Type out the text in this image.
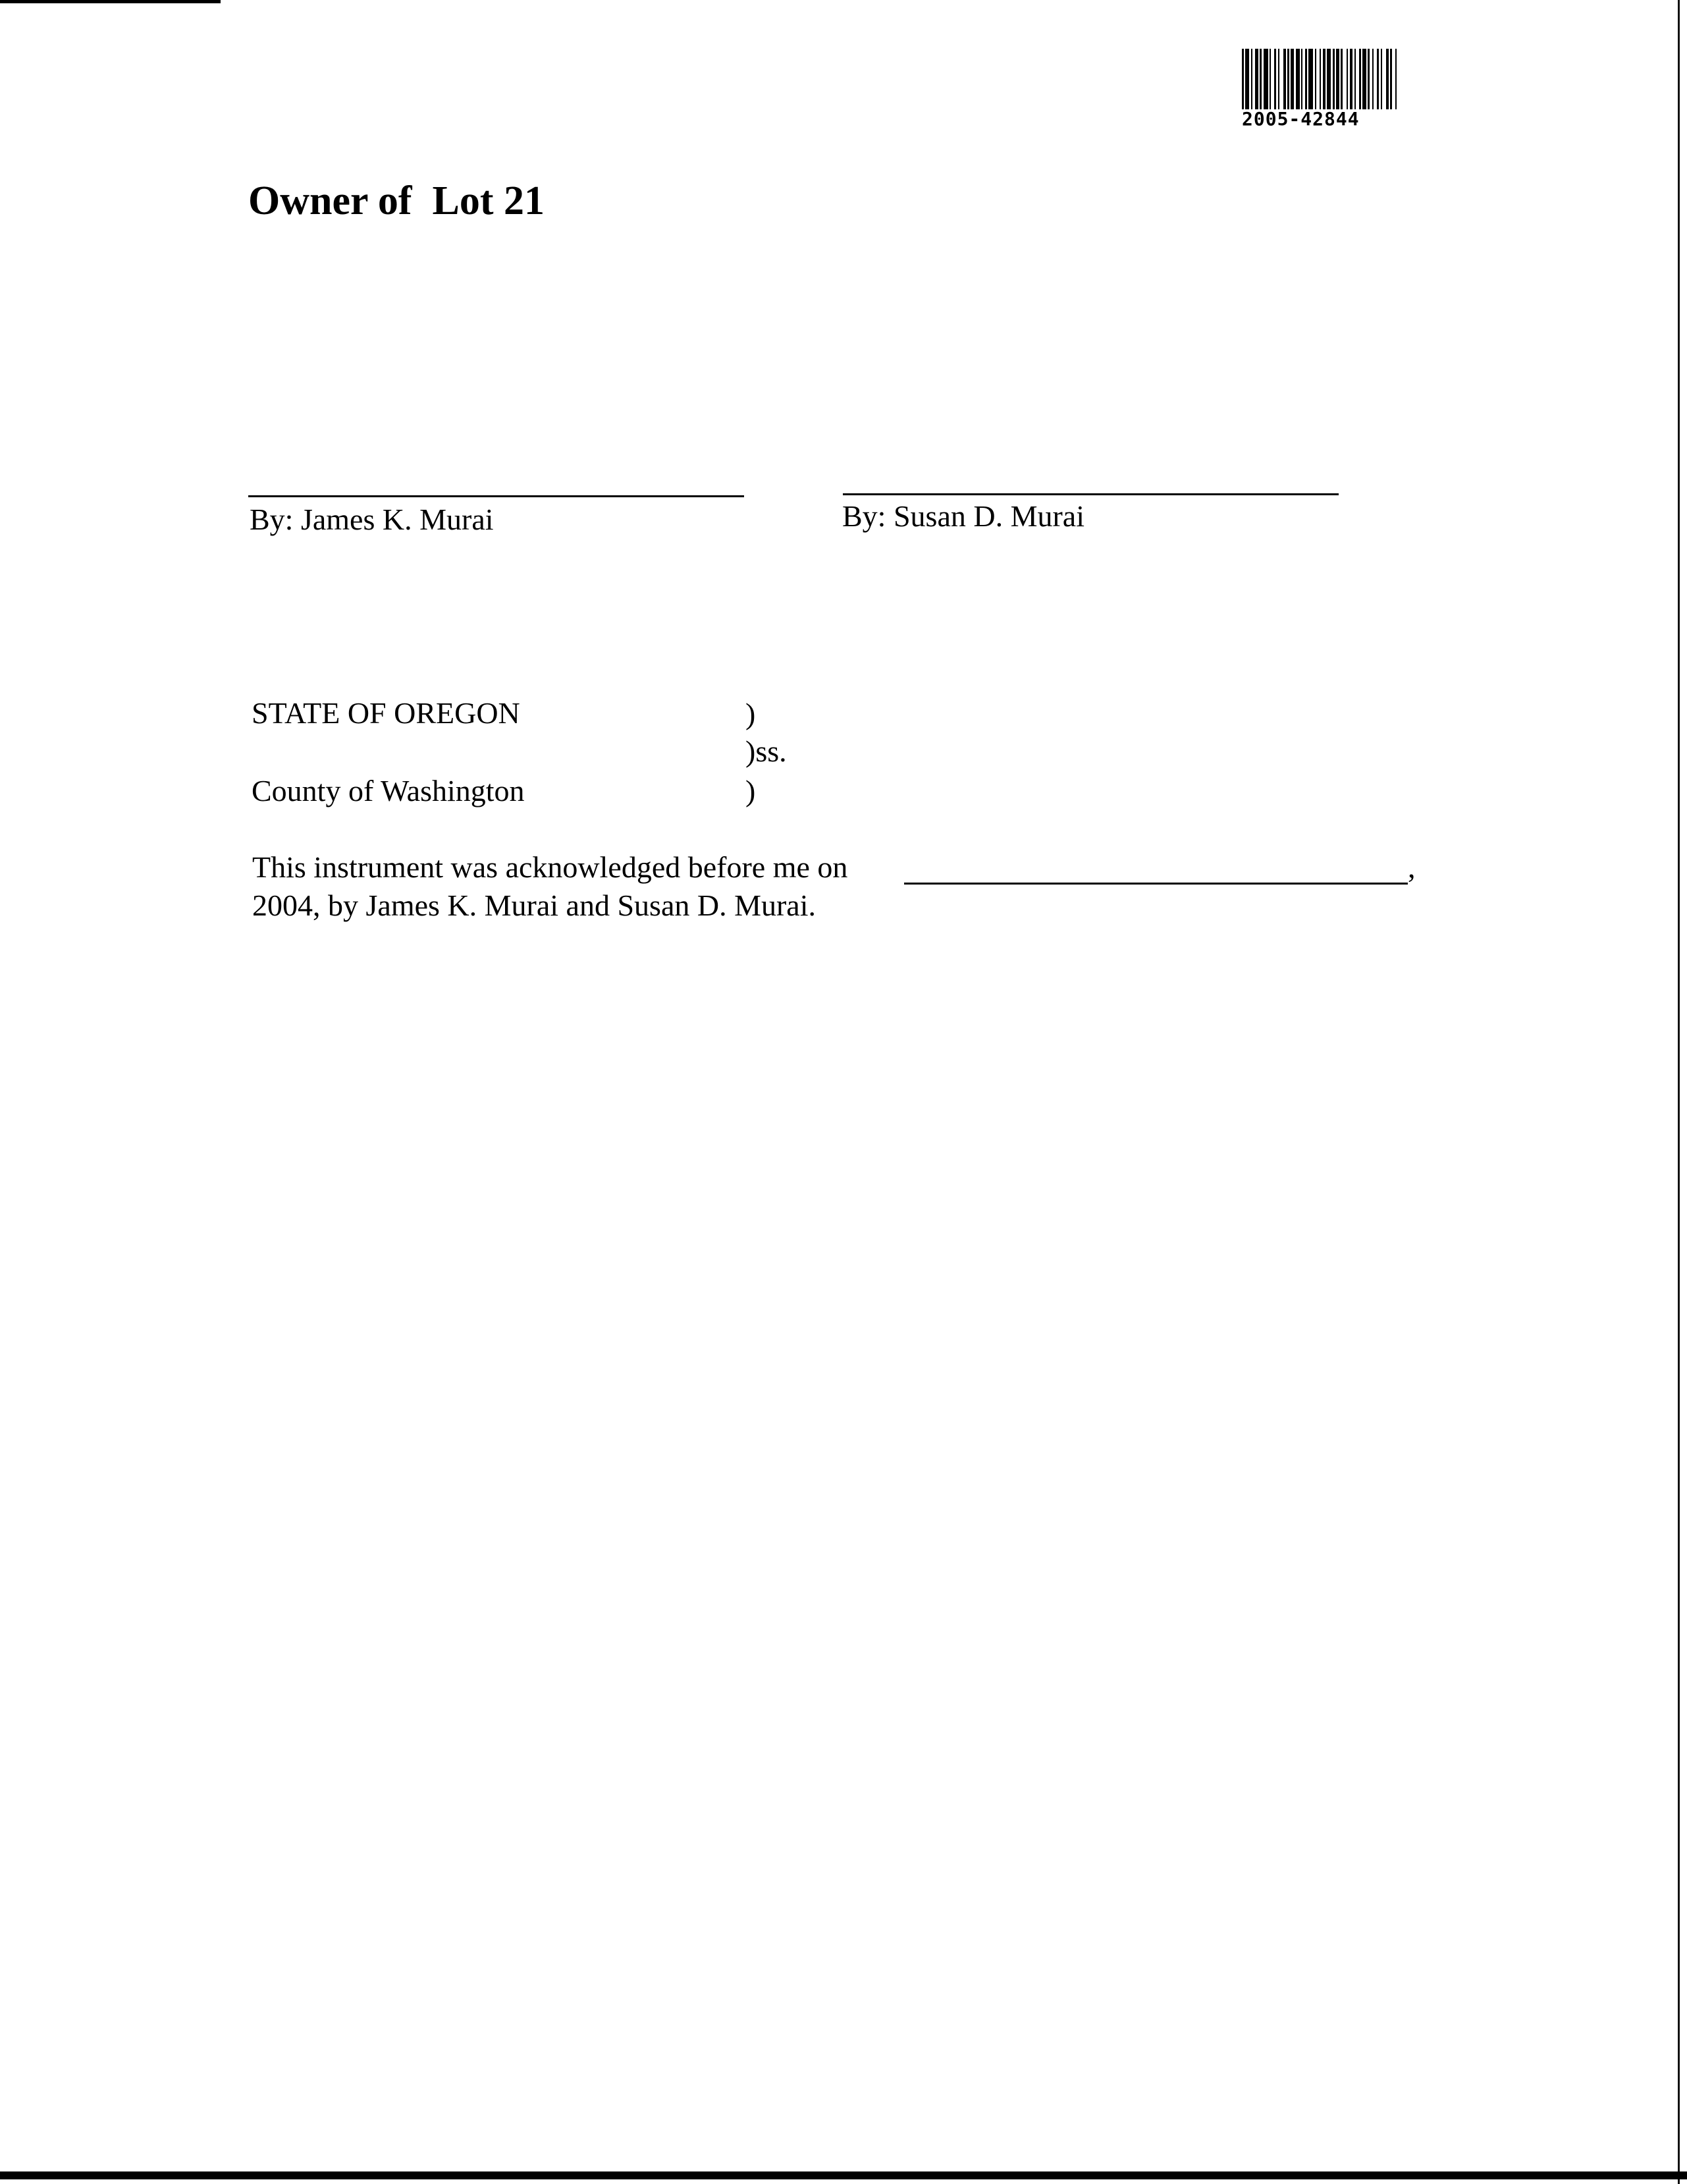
2005-42844
Owner of  Lot 21
By: James K. Murai	By: Susan D. Murai
STATE OF OREGON	)
)ss.
County of Washington	)
This instrument was acknowledged before me on	,
2004, by James K. Murai and Susan D. Murai.
